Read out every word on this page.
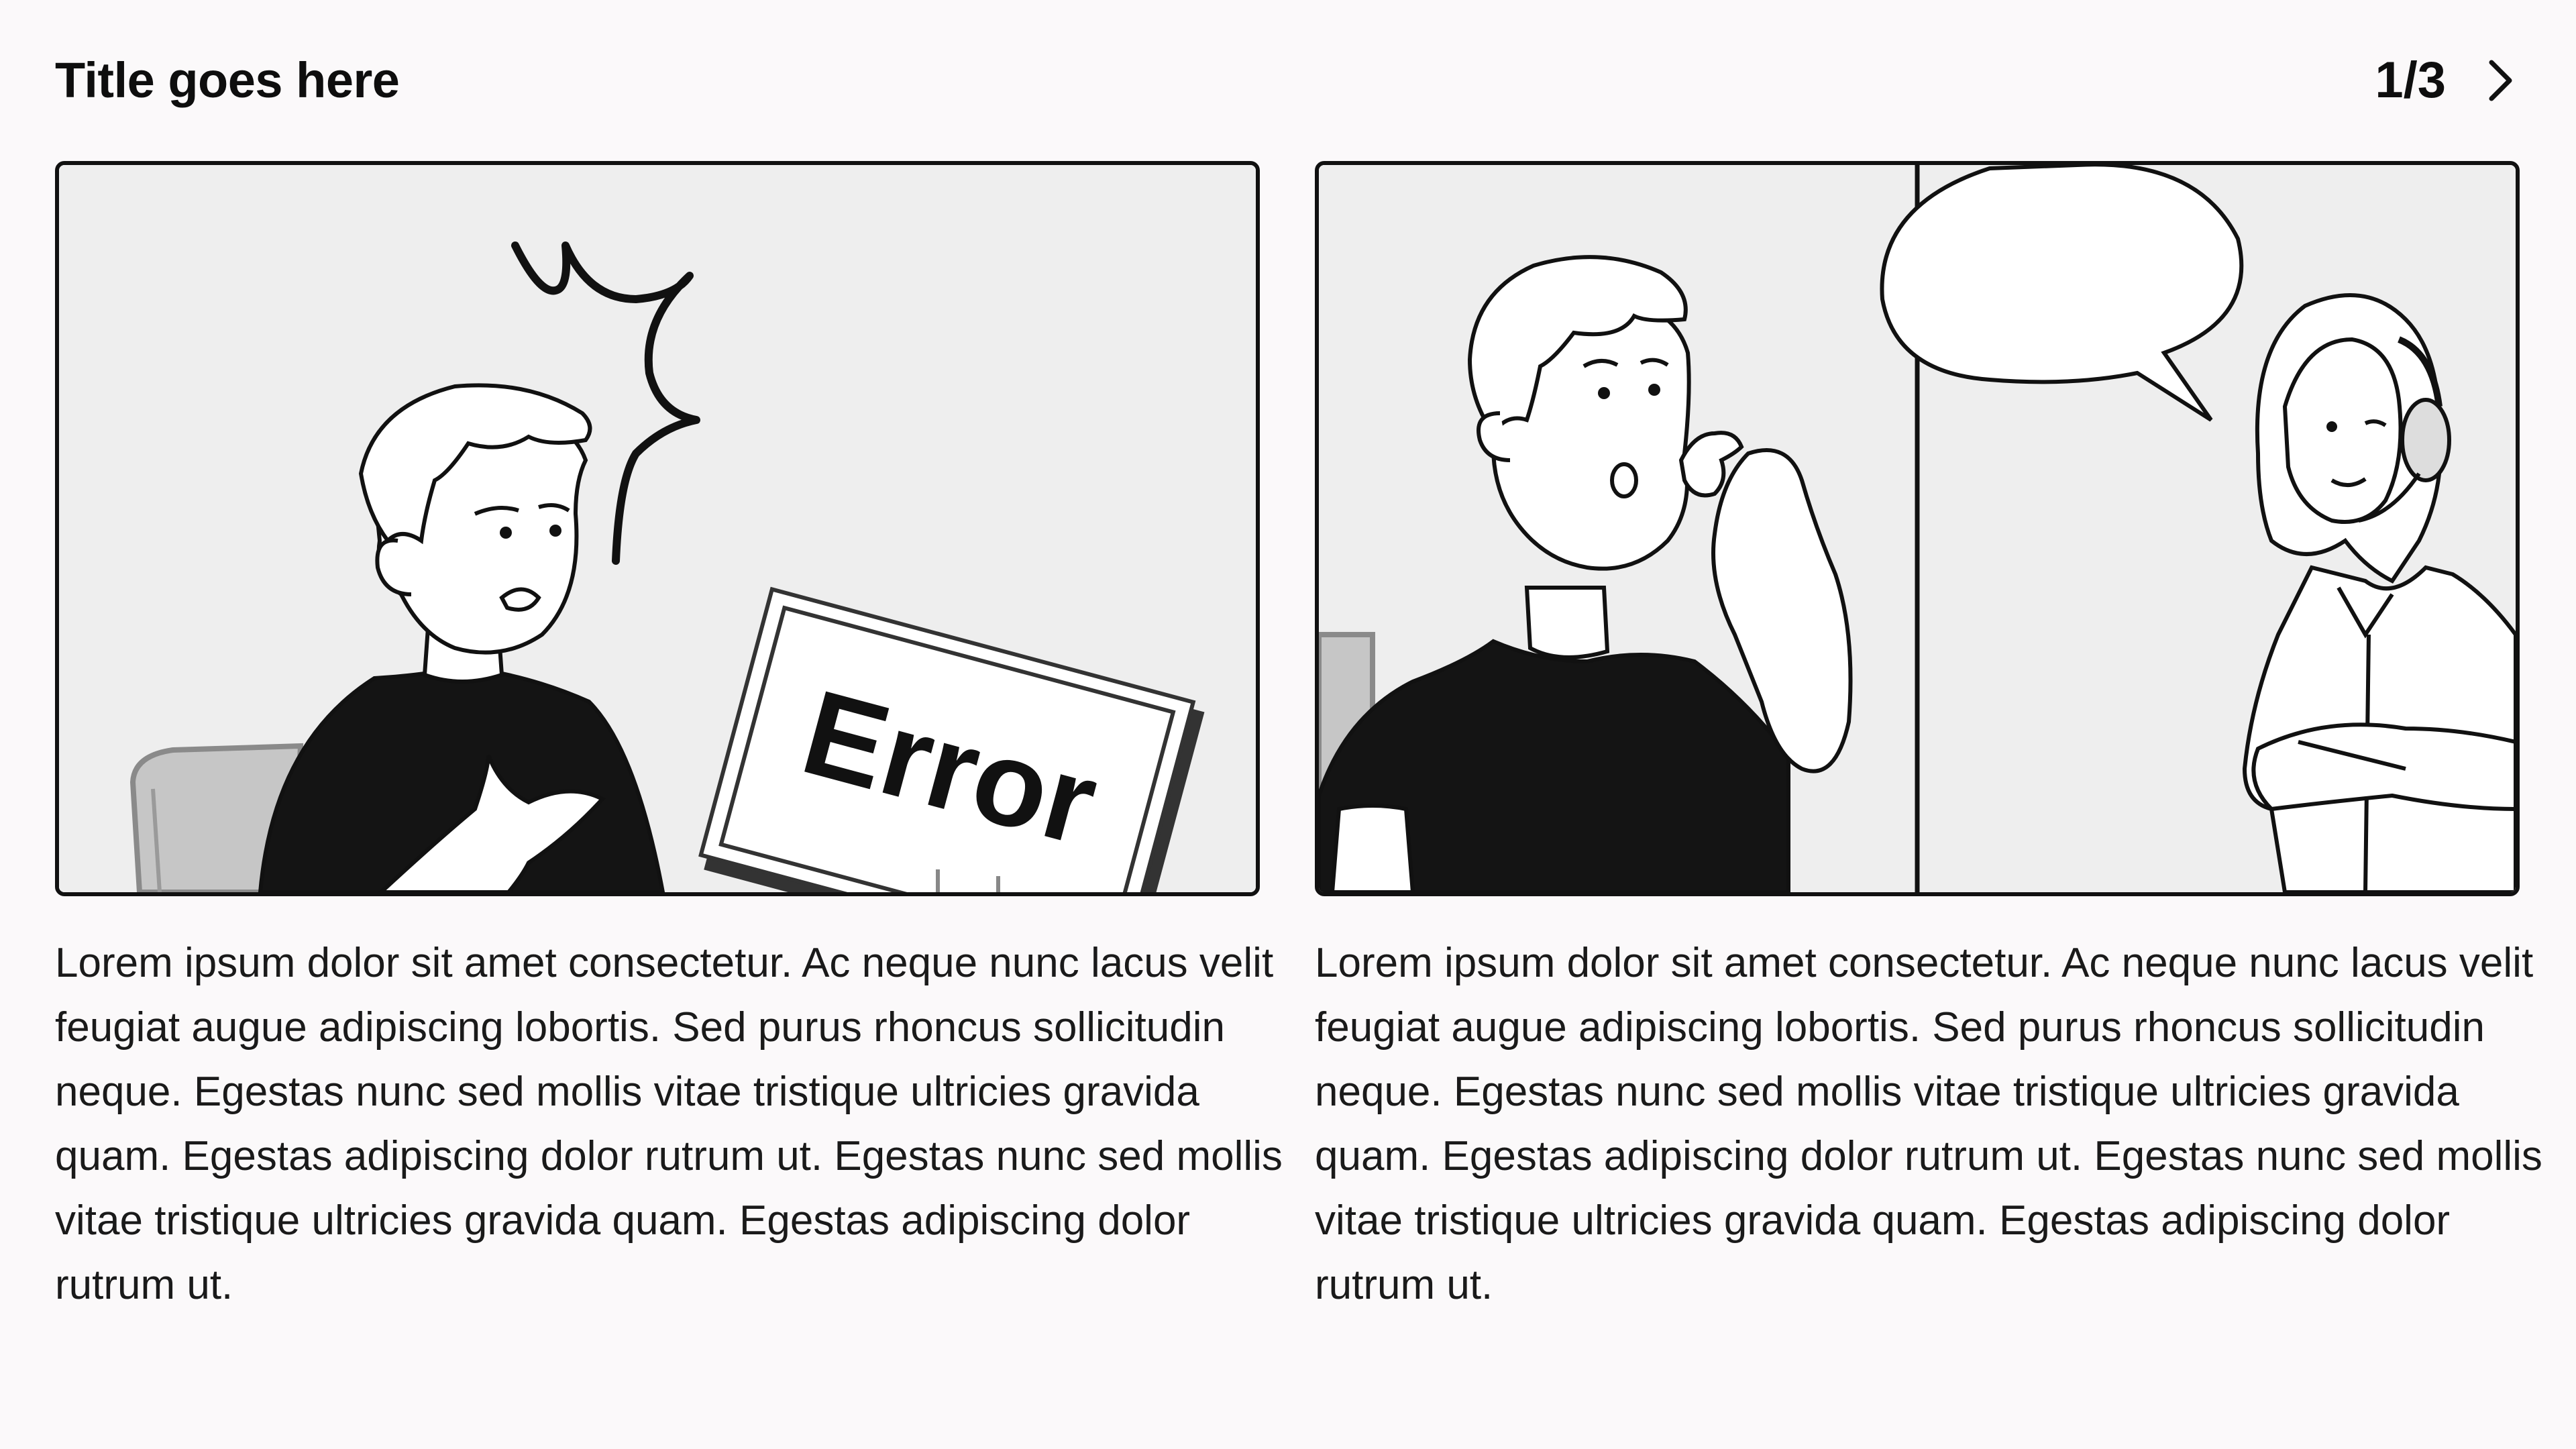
Title goes here	1/3
Error
Lorem ipsum dolor sit amet consectetur. Ac neque nunc lacus velit feugiat augue adipiscing lobortis. Sed purus rhoncus sollicitudin neque. Egestas nunc sed mollis vitae tristique ultricies gravida quam. Egestas adipiscing dolor rutrum ut. Egestas nunc sed mollis vitae tristique ultricies gravida quam. Egestas adipiscing dolor rutrum ut.
Lorem ipsum dolor sit amet consectetur. Ac neque nunc lacus velit feugiat augue adipiscing lobortis. Sed purus rhoncus sollicitudin neque. Egestas nunc sed mollis vitae tristique ultricies gravida quam. Egestas adipiscing dolor rutrum ut. Egestas nunc sed mollis vitae tristique ultricies gravida quam. Egestas adipiscing dolor rutrum ut.
